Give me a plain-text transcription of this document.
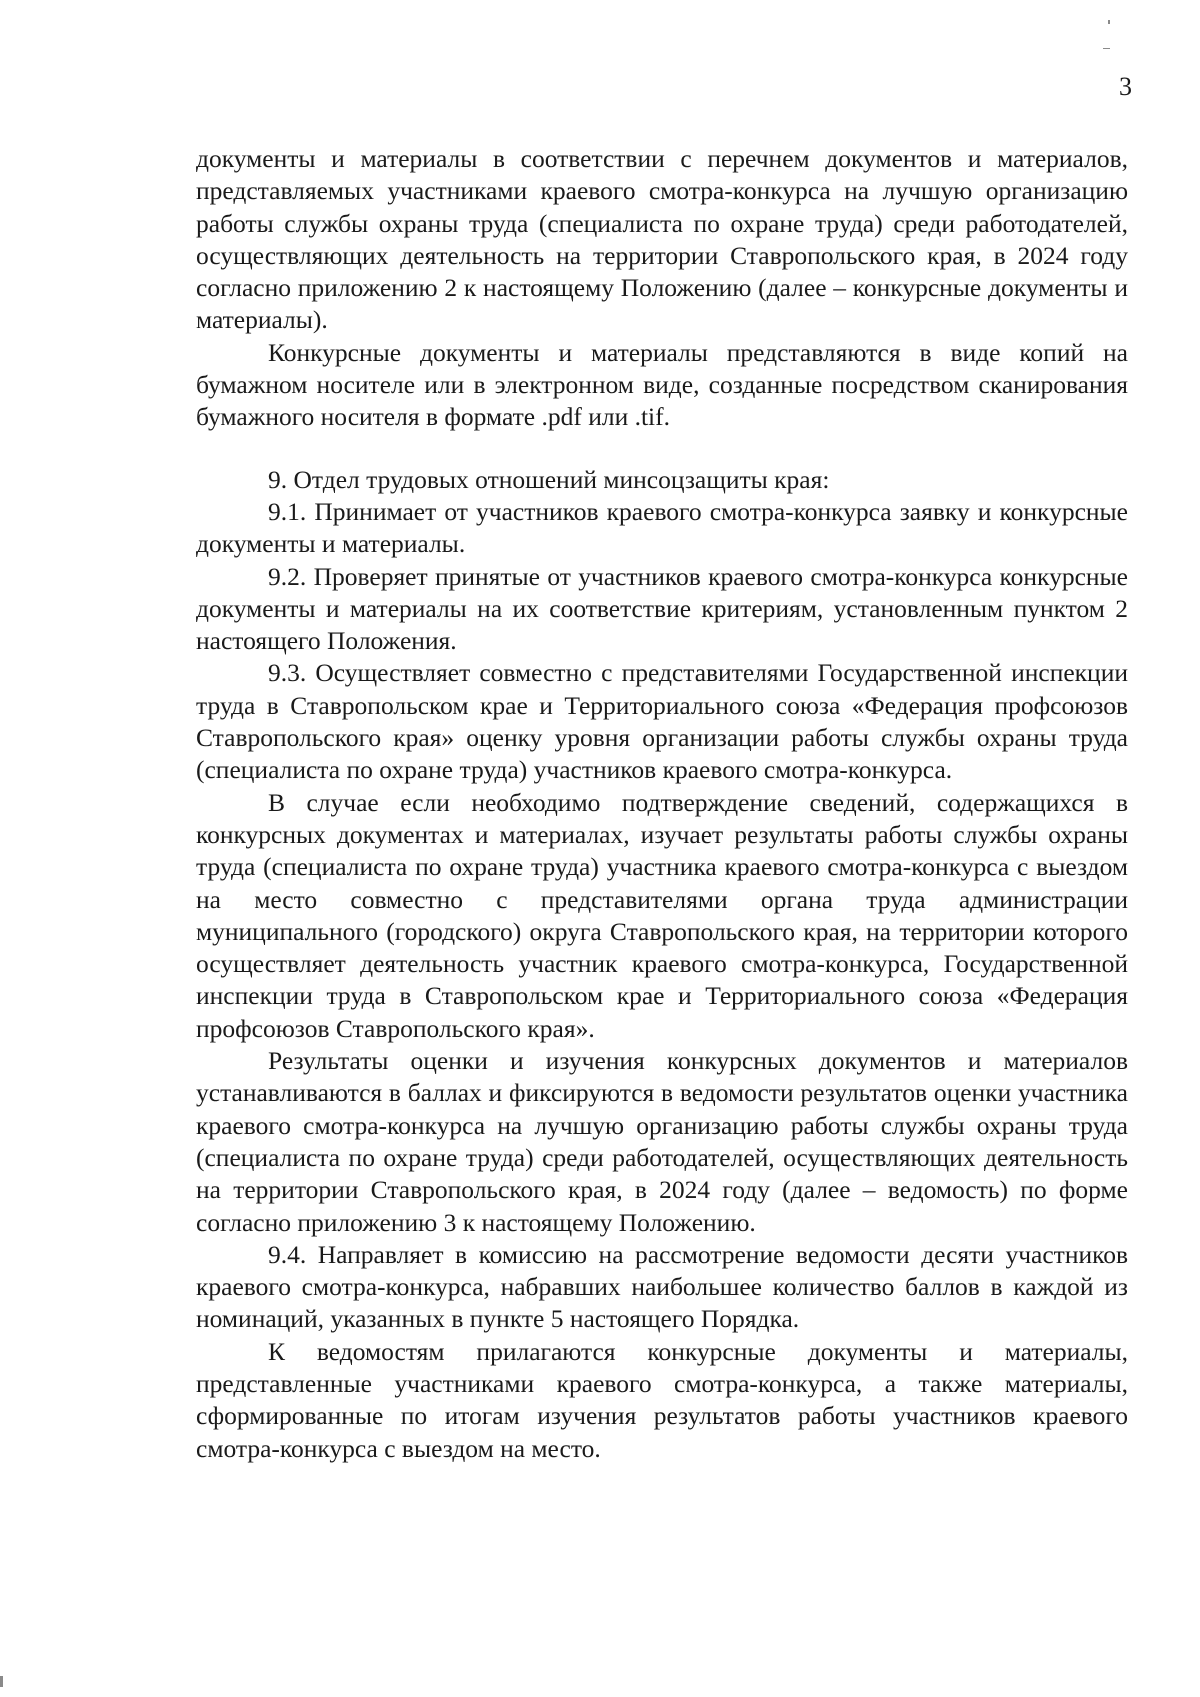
3

документы и материалы в соответствии с перечнем документов и материалов, представляемых участниками краевого смотра-конкурса на лучшую организацию работы службы охраны труда (специалиста по охране труда) среди работодателей, осуществляющих деятельность на территории Ставропольского края, в 2024 году согласно приложению 2 к настоящему Положению (далее – конкурсные документы и материалы).

Конкурсные документы и материалы представляются в виде копий на бумажном носителе или в электронном виде, созданные посредством сканирования бумажного носителя в формате .pdf или .tif.

9. Отдел трудовых отношений минсоцзащиты края:

9.1. Принимает от участников краевого смотра-конкурса заявку и конкурсные документы и материалы.

9.2. Проверяет принятые от участников краевого смотра-конкурса конкурсные документы и материалы на их соответствие критериям, установленным пунктом 2 настоящего Положения.

9.3. Осуществляет совместно с представителями Государственной инспекции труда в Ставропольском крае и Территориального союза «Федерация профсоюзов Ставропольского края» оценку уровня организации работы службы охраны труда (специалиста по охране труда) участников краевого смотра-конкурса.

В случае если необходимо подтверждение сведений, содержащихся в конкурсных документах и материалах, изучает результаты работы службы охраны труда (специалиста по охране труда) участника краевого смотра-конкурса с выездом на место совместно с представителями органа труда администрации муниципального (городского) округа Ставропольского края, на территории которого осуществляет деятельность участник краевого смотра-конкурса, Государственной инспекции труда в Ставропольском крае и Территориального союза «Федерация профсоюзов Ставропольского края».

Результаты оценки и изучения конкурсных документов и материалов устанавливаются в баллах и фиксируются в ведомости результатов оценки участника краевого смотра-конкурса на лучшую организацию работы службы охраны труда (специалиста по охране труда) среди работодателей, осуществляющих деятельность на территории Ставропольского края, в 2024 году (далее – ведомость) по форме согласно приложению 3 к настоящему Положению.

9.4. Направляет в комиссию на рассмотрение ведомости десяти участников краевого смотра-конкурса, набравших наибольшее количество баллов в каждой из номинаций, указанных в пункте 5 настоящего Порядка.

К ведомостям прилагаются конкурсные документы и материалы, представленные участниками краевого смотра-конкурса, а также материалы, сформированные по итогам изучения результатов работы участников краевого смотра-конкурса с выездом на место.
